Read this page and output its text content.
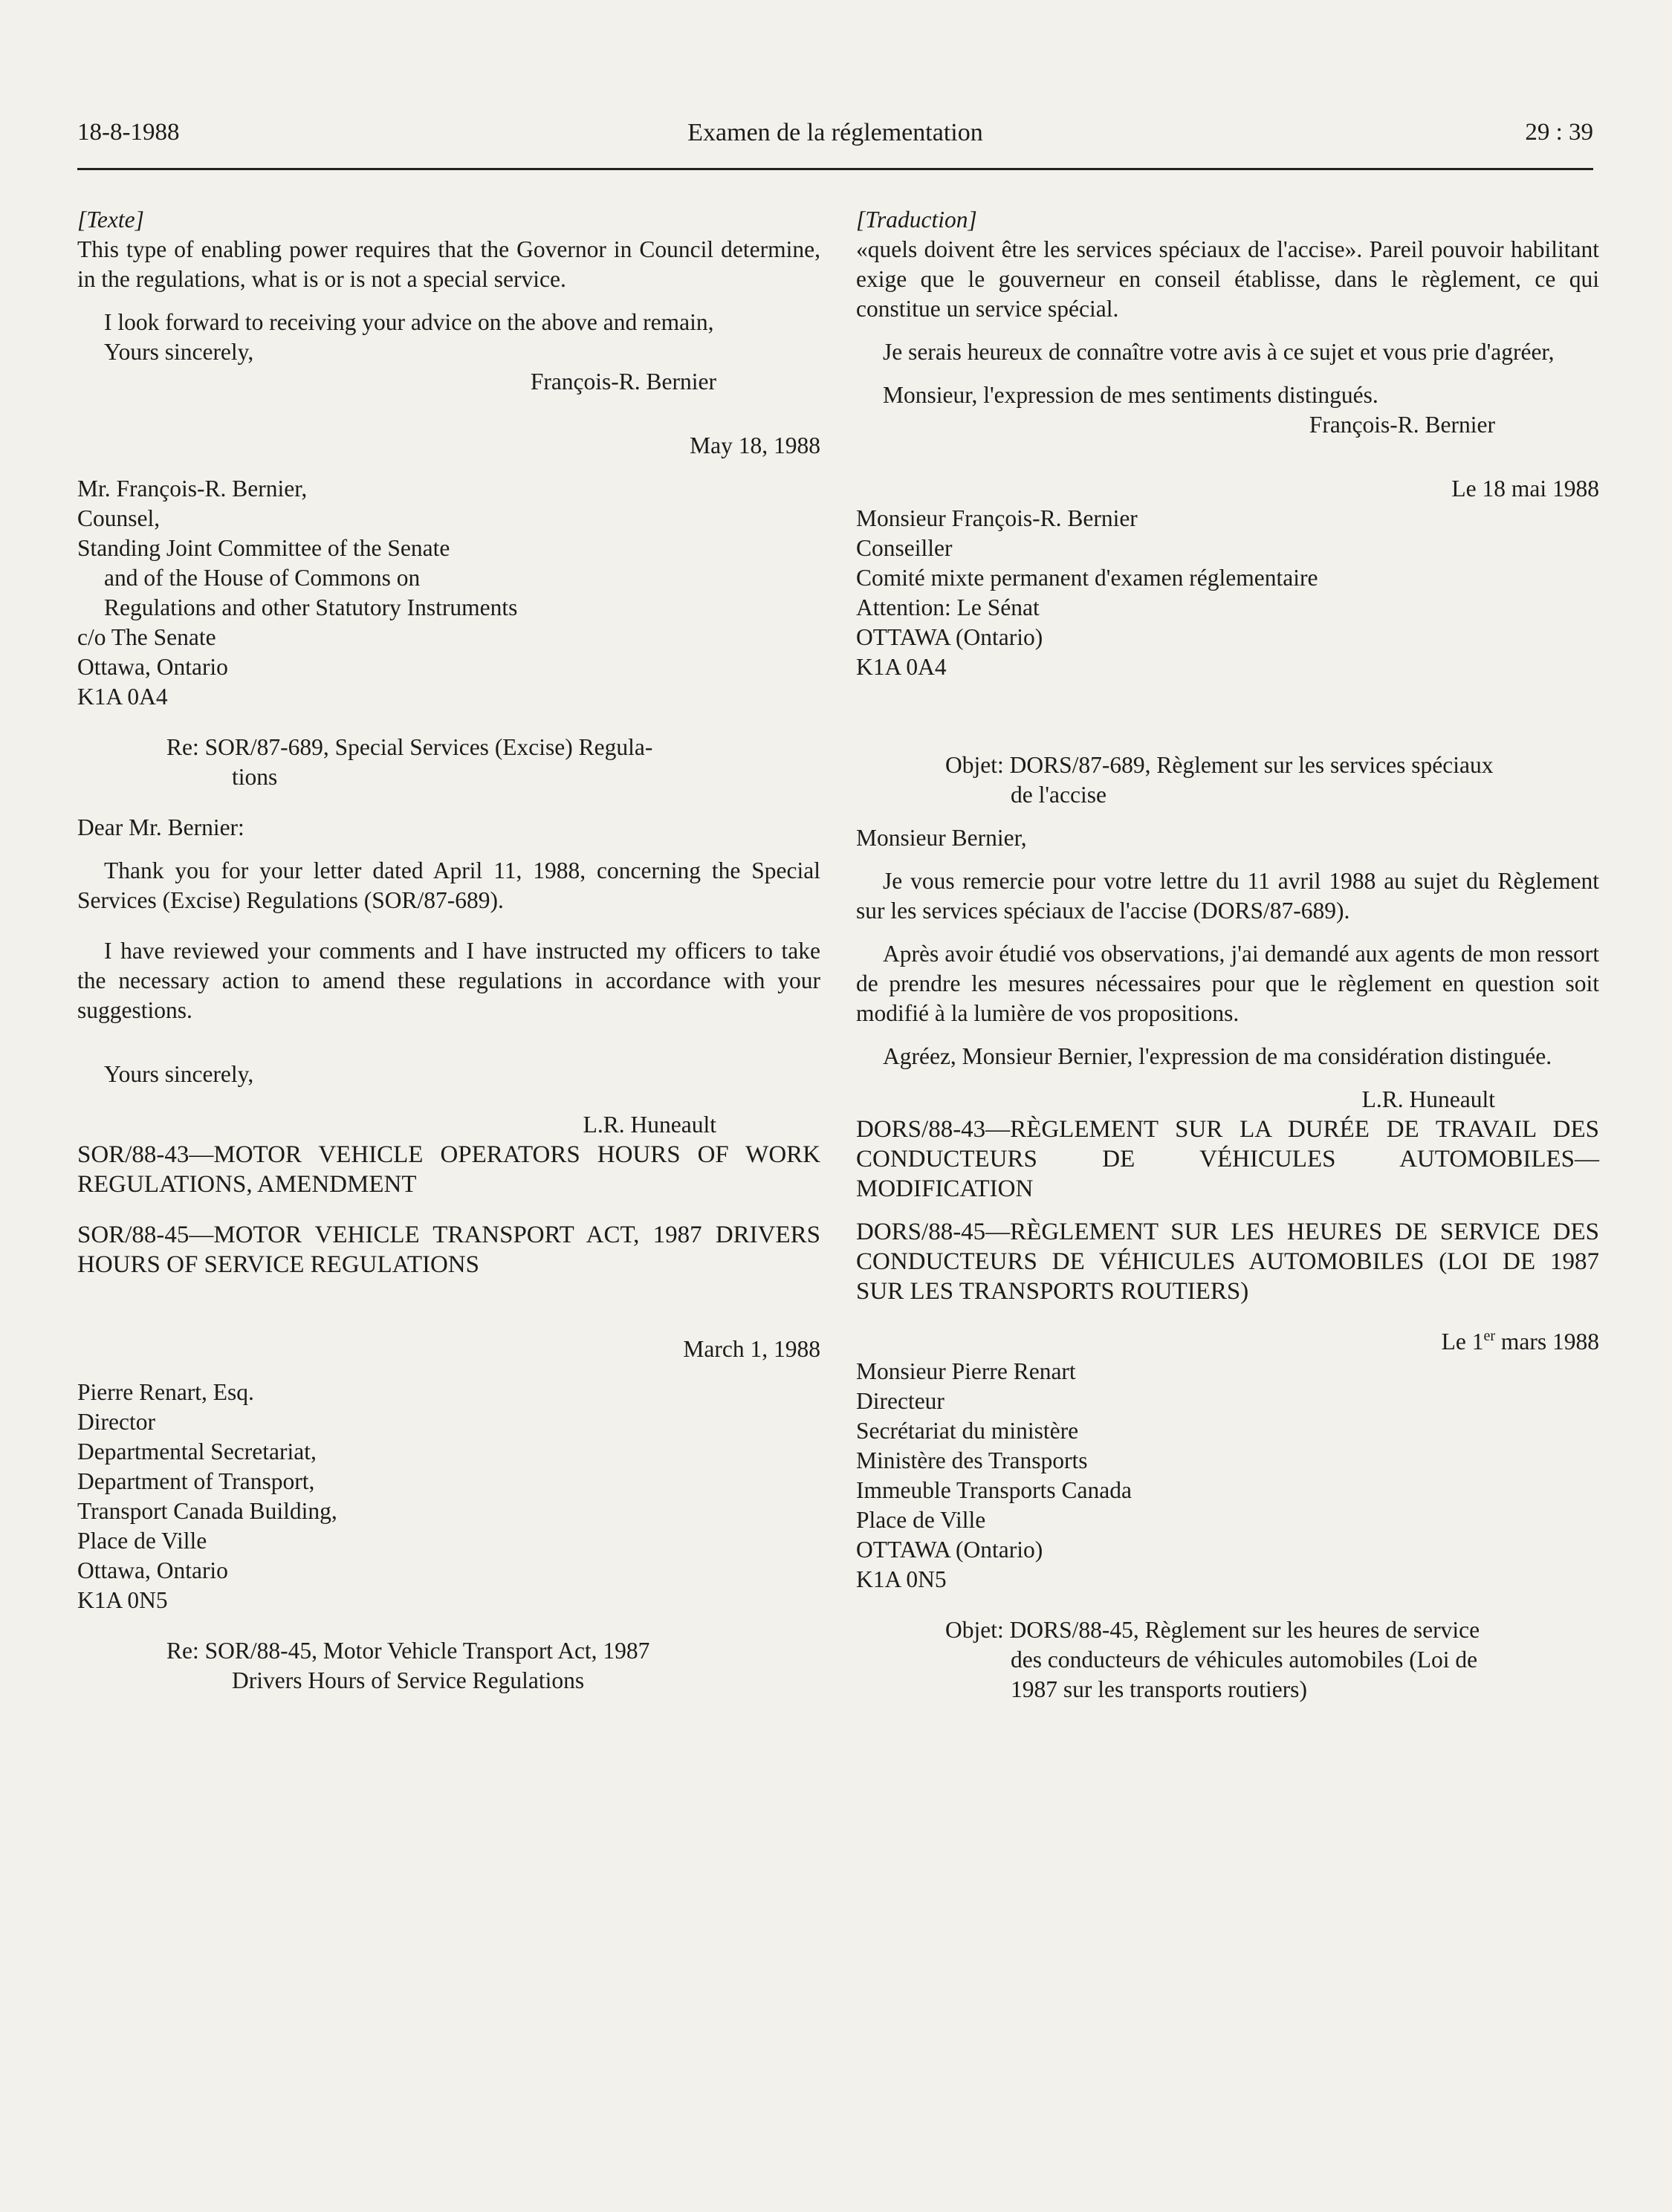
Examen de la réglementation
18-8-1988	29 : 39

[Texte]

This type of enabling power requires that the Governor in Council determine, in the regulations, what is or is not a special service.

I look forward to receiving your advice on the above and remain,

Yours sincerely,

François-R. Bernier

May 18, 1988

Mr. François-R. Bernier,

Counsel,

Standing Joint Committee of the Senate

and of the House of Commons on

Regulations and other Statutory Instruments

c/o The Senate

Ottawa, Ontario

K1A 0A4

Re: SOR/87-689, Special Services (Excise) Regula-
tions

Dear Mr. Bernier:

Thank you for your letter dated April 11, 1988, concerning the Special Services (Excise) Regulations (SOR/87-689).

I have reviewed your comments and I have instructed my officers to take the necessary action to amend these regulations in accordance with your suggestions.

Yours sincerely,

L.R. Huneault

SOR/88-43—MOTOR VEHICLE OPERATORS HOURS OF WORK REGULATIONS, AMENDMENT

SOR/88-45—MOTOR VEHICLE TRANSPORT ACT, 1987 DRIVERS HOURS OF SERVICE REGULATIONS

March 1, 1988

Pierre Renart, Esq.

Director

Departmental Secretariat,

Department of Transport,

Transport Canada Building,

Place de Ville

Ottawa, Ontario

K1A 0N5

Re: SOR/88-45, Motor Vehicle Transport Act, 1987
Drivers Hours of Service Regulations

[Traduction]

«quels doivent être les services spéciaux de l'accise». Pareil pouvoir habilitant exige que le gouverneur en conseil établisse, dans le règlement, ce qui constitue un service spécial.

Je serais heureux de connaître votre avis à ce sujet et vous prie d'agréer,

Monsieur, l'expression de mes sentiments distingués.

François-R. Bernier

Le 18 mai 1988

Monsieur François-R. Bernier

Conseiller

Comité mixte permanent d'examen réglementaire

Attention: Le Sénat

OTTAWA (Ontario)

K1A 0A4

Objet: DORS/87-689, Règlement sur les services spéciaux
de l'accise

Monsieur Bernier,

Je vous remercie pour votre lettre du 11 avril 1988 au sujet du Règlement sur les services spéciaux de l'accise (DORS/87-689).

Après avoir étudié vos observations, j'ai demandé aux agents de mon ressort de prendre les mesures nécessaires pour que le règlement en question soit modifié à la lumière de vos propositions.

Agréez, Monsieur Bernier, l'expression de ma considération distinguée.

L.R. Huneault

DORS/88-43—RÈGLEMENT SUR LA DURÉE DE TRAVAIL DES CONDUCTEURS DE VÉHICULES AUTOMOBILES—MODIFICATION

DORS/88-45—RÈGLEMENT SUR LES HEURES DE SERVICE DES CONDUCTEURS DE VÉHICULES AUTOMOBILES (LOI DE 1987 SUR LES TRANSPORTS ROUTIERS)

Le 1er mars 1988

Monsieur Pierre Renart

Directeur

Secrétariat du ministère

Ministère des Transports

Immeuble Transports Canada

Place de Ville

OTTAWA (Ontario)

K1A 0N5

Objet: DORS/88-45, Règlement sur les heures de service
des conducteurs de véhicules automobiles (Loi de
1987 sur les transports routiers)
